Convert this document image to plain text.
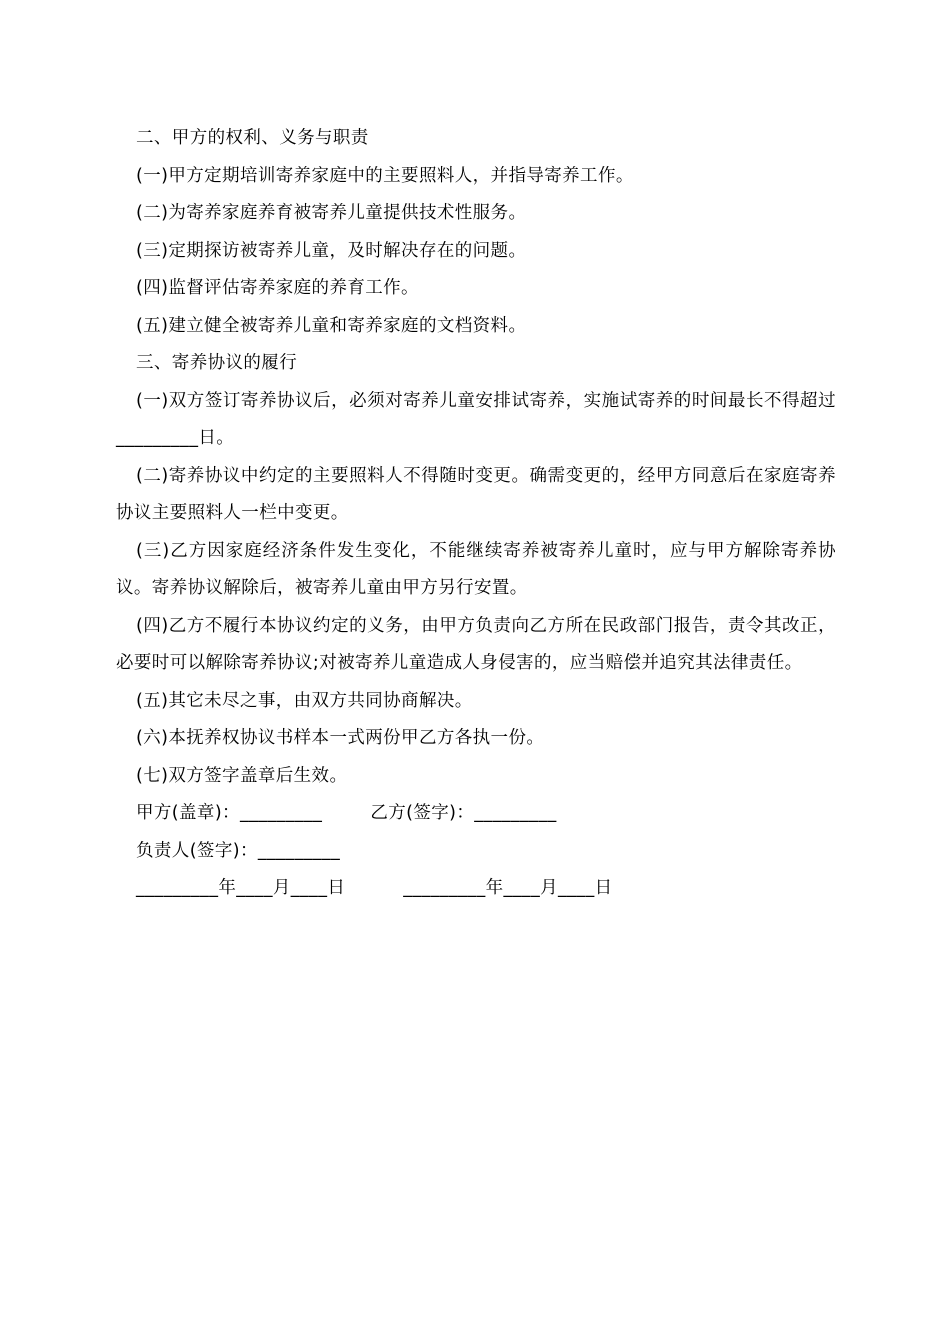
二、甲方的权利、义务与职责

(一)甲方定期培训寄养家庭中的主要照料人，并指导寄养工作。

(二)为寄养家庭养育被寄养儿童提供技术性服务。

(三)定期探访被寄养儿童，及时解决存在的问题。

(四)监督评估寄养家庭的养育工作。

(五)建立健全被寄养儿童和寄养家庭的文档资料。

三、寄养协议的履行

(一)双方签订寄养协议后，必须对寄养儿童安排试寄养，实施试寄养的时间最长不得超过_________日。

(二)寄养协议中约定的主要照料人不得随时变更。确需变更的，经甲方同意后在家庭寄养协议主要照料人一栏中变更。

(三)乙方因家庭经济条件发生变化，不能继续寄养被寄养儿童时，应与甲方解除寄养协议。寄养协议解除后，被寄养儿童由甲方另行安置。

(四)乙方不履行本协议约定的义务，由甲方负责向乙方所在民政部门报告，责令其改正，必要时可以解除寄养协议;对被寄养儿童造成人身侵害的，应当赔偿并追究其法律责任。

(五)其它未尽之事，由双方共同协商解决。

(六)本抚养权协议书样本一式两份甲乙方各执一份。

(七)双方签字盖章后生效。

甲方(盖章)：_________	乙方(签字)：_________
负责人(签字)：_________
_________年____月____日	_________年____月____日
